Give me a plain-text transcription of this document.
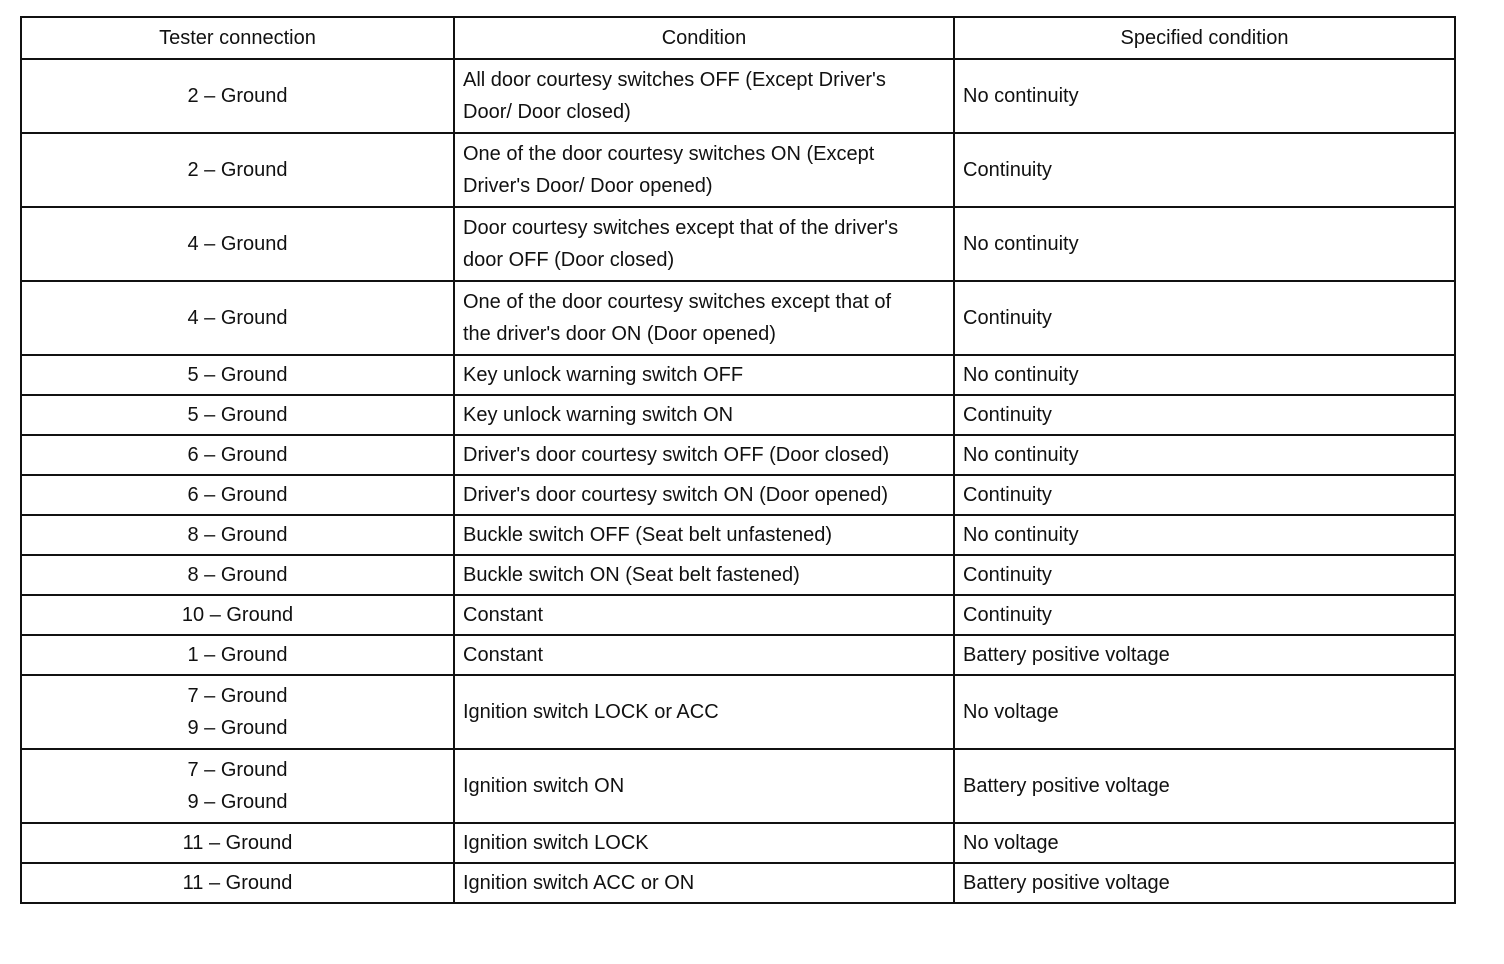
Tester connection	Condition	Specified condition

2 – Ground	All door courtesy switches OFF (Except Driver's
Door/ Door closed)	No continuity

2 – Ground	One of the door courtesy switches ON (Except
Driver's Door/ Door opened)	Continuity

4 – Ground	Door courtesy switches except that of the driver's
door OFF (Door closed)	No continuity

4 – Ground	One of the door courtesy switches except that of
the driver's door ON (Door opened)	Continuity

5 – Ground	Key unlock warning switch OFF	No continuity

5 – Ground	Key unlock warning switch ON	Continuity

6 – Ground	Driver's door courtesy switch OFF (Door closed)	No continuity

6 – Ground	Driver's door courtesy switch ON (Door opened)	Continuity

8 – Ground	Buckle switch OFF (Seat belt unfastened)	No continuity

8 – Ground	Buckle switch ON (Seat belt fastened)	Continuity

10 – Ground	Constant	Continuity

1 – Ground	Constant	Battery positive voltage

7 – Ground
9 – Ground	Ignition switch LOCK or ACC	No voltage

7 – Ground
9 – Ground	Ignition switch ON	Battery positive voltage

11 – Ground	Ignition switch LOCK	No voltage

11 – Ground	Ignition switch ACC or ON	Battery positive voltage
